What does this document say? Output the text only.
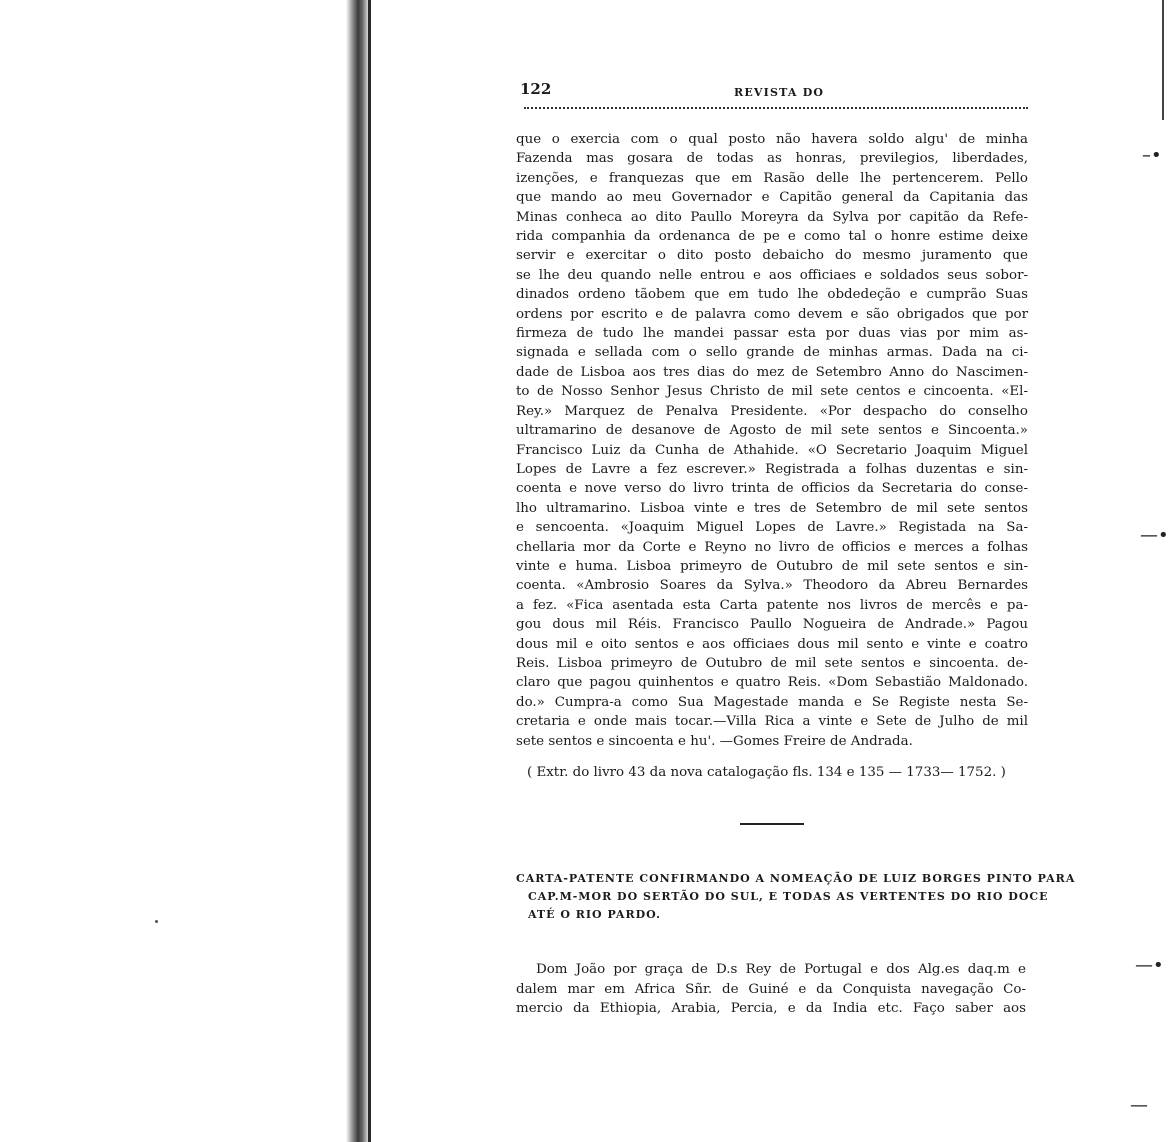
–•
—•
—•
—
122	REVISTA DO
que o exercia com o qual posto não havera soldo algu' de minha
Fazenda mas gosara de todas as honras, previlegios, liberdades,
izenções, e franquezas que em Rasão delle lhe pertencerem. Pello
que mando ao meu Governador e Capitão general da Capitania das
Minas conheca ao dito Paullo Moreyra da Sylva por capitão da Refe-
rida companhia da ordenanca de pe e como tal o honre estime deixe
servir e exercitar o dito posto debaicho do mesmo juramento que
se lhe deu quando nelle entrou e aos officiaes e soldados seus sobor-
dinados ordeno tãobem que em tudo lhe obdedeção e cumprão Suas
ordens por escrito e de palavra como devem e são obrigados que por
firmeza de tudo lhe mandei passar esta por duas vias por mim as-
signada e sellada com o sello grande de minhas armas. Dada na ci-
dade de Lisboa aos tres dias do mez de Setembro Anno do Nascimen-
to de Nosso Senhor Jesus Christo de mil sete centos e cincoenta. «El-
Rey.» Marquez de Penalva Presidente. «Por despacho do conselho
ultramarino de desanove de Agosto de mil sete sentos e Sincoenta.»
Francisco Luiz da Cunha de Athahide. «O Secretario Joaquim Miguel
Lopes de Lavre a fez escrever.» Registrada a folhas duzentas e sin-
coenta e nove verso do livro trinta de officios da Secretaria do conse-
lho ultramarino. Lisboa vinte e tres de Setembro de mil sete sentos
e sencoenta. «Joaquim Miguel Lopes de Lavre.» Registada na Sa-
chellaria mor da Corte e Reyno no livro de officios e merces a folhas
vinte e huma. Lisboa primeyro de Outubro de mil sete sentos e sin-
coenta. «Ambrosio Soares da Sylva.» Theodoro da Abreu Bernardes
a fez. «Fica asentada esta Carta patente nos livros de mercês e pa-
gou dous mil Réis. Francisco Paullo Nogueira de Andrade.» Pagou
dous mil e oito sentos e aos officiaes dous mil sento e vinte e coatro
Reis. Lisboa primeyro de Outubro de mil sete sentos e sincoenta. de-
claro que pagou quinhentos e quatro Reis. «Dom Sebastião Maldonado.
do.» Cumpra-a como Sua Magestade manda e Se Registe nesta Se-
cretaria e onde mais tocar.—Villa Rica a vinte e Sete de Julho de mil
sete sentos e sincoenta e hu'. —Gomes Freire de Andrada.
( Extr. do livro 43 da nova catalogação fls. 134 e 135 — 1733— 1752. )
CARTA-PATENTE CONFIRMANDO A NOMEAÇÃO DE LUIZ BORGES PINTO PARA
CAP.M-MOR DO SERTÃO DO SUL, E TODAS AS VERTENTES DO RIO DOCE
ATÉ O RIO PARDO.
Dom João por graça de D.s Rey de Portugal e dos Alg.es daq.m e
dalem mar em Africa Sñr. de Guiné e da Conquista navegação Co-
mercio da Ethiopia, Arabia, Percia, e da India etc. Faço saber aos
